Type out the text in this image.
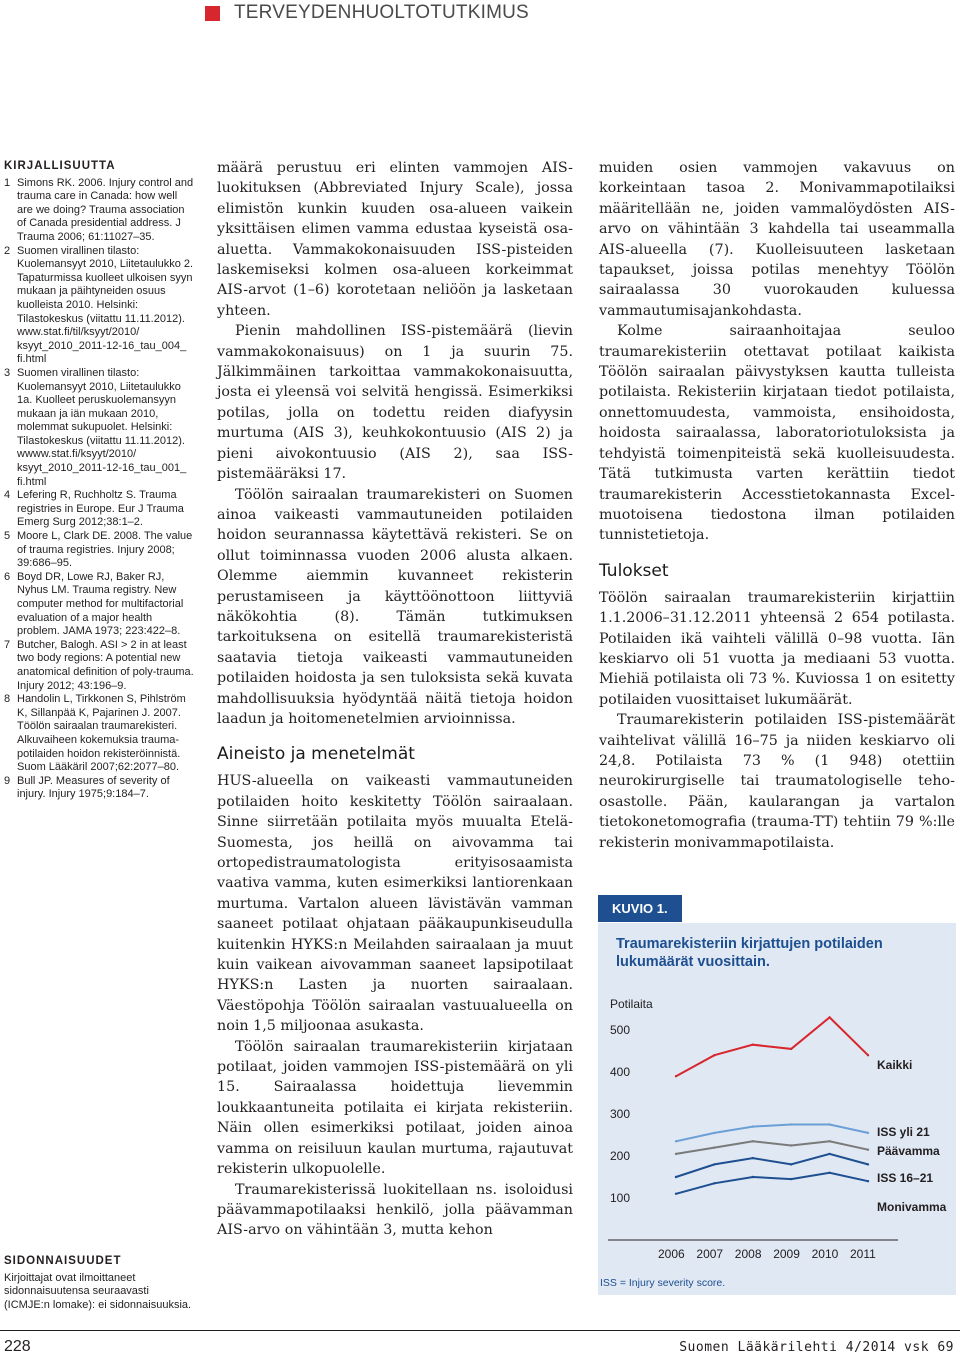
TERVEYDENHUOLTOTUTKIMUS
KIRJALLISUUTTA
1 Simons RK. 2006. Injury control and trauma care in Canada: how well are we doing? Trauma association of Canada presidential address. J Trauma 2006; 61:11027–35.
2 Suomen virallinen tilasto: Kuolemansyyt 2010, Liitetaulukko 2. Tapaturmissa kuolleet ulkoisen syyn mukaan ja päihtyneiden osuus kuolleista 2010. Helsinki: Tilastokeskus (viitattu 11.11.2012). www.stat.fi/til/ksyyt/2010/ ksyyt_2010_2011-12-16_tau_004_ fi.html
3 Suomen virallinen tilasto: Kuolemansyyt 2010, Liitetaulukko 1a. Kuolleet peruskuolemansyyn mukaan ja iän mukaan 2010, molemmat sukupuolet. Helsinki: Tilastokeskus (viitattu 11.11.2012). wwww.stat.fi/ksyyt/2010/ ksyyt_2010_2011-12-16_tau_001_ fi.html
4 Lefering R, Ruchholtz S. Trauma registries in Europe. Eur J Trauma Emerg Surg 2012;38:1–2.
5 Moore L, Clark DE. 2008. The value of trauma registries. Injury 2008; 39:686–95.
6 Boyd DR, Lowe RJ, Baker RJ, Nyhus LM. Trauma registry. New computer method for multifactorial evaluation of a major health problem. JAMA 1973; 223:422–8.
7 Butcher, Balogh. ASI > 2 in at least two body regions: A potential new anatomical definition of poly-trauma. Injury 2012; 43:196–9.
8 Handolin L, Tirkkonen S, Pihlström K, Sillanpää K, Pajarinen J. 2007. Töölön sairaalan traumarekisteri. Alkuvaiheen kokemuksia trauma-potilaiden hoidon rekisteröinnistä. Suom Lääkäril 2007;62:2077–80.
9 Bull JP. Measures of severity of injury. Injury 1975;9:184–7.
SIDONNAISUUDET
Kirjoittajat ovat ilmoittaneet sidonnaisuutensa seuraavasti (ICMJE:n lomake): ei sidonnaisuuksia.

määrä perustuu eri elinten vammojen AIS-luokituksen (Abbreviated Injury Scale), jossa elimistön kunkin kuuden osa-alueen vaikein yksittäisen elimen vamma edustaa kyseistä osa-aluetta. Vammakokonaisuuden ISS-pisteiden laskemiseksi kolmen osa-alueen korkeimmat AIS-arvot (1–6) korotetaan neliöön ja lasketaan yhteen.

Pienin mahdollinen ISS-pistemäärä (lievin vammakokonaisuus) on 1 ja suurin 75. Jälkimmäinen tarkoittaa vammakokonaisuutta, josta ei yleensä voi selvitä hengissä. Esimerkiksi potilas, jolla on todettu reiden diafyysin murtuma (AIS 3), keuhkokontuusio (AIS 2) ja pieni aivokontuusio (AIS 2), saa ISS-pistemääräksi 17.

Töölön sairaalan traumarekisteri on Suomen ainoa vaikeasti vammautuneiden potilaiden hoidon seurannassa käytettävä rekisteri. Se on ollut toiminnassa vuoden 2006 alusta alkaen. Olemme aiemmin kuvanneet rekisterin perustamiseen ja käyttöönottoon liittyviä näkökohtia (8). Tämän tutkimuksen tarkoituksena on esitellä traumarekisteristä saatavia tietoja vaikeasti vammautuneiden potilaiden hoidosta ja sen tuloksista sekä kuvata mahdollisuuksia hyödyntää näitä tietoja hoidon laadun ja hoitomenetelmien arvioinnissa.

Aineisto ja menetelmät

HUS-alueella on vaikeasti vammautuneiden potilaiden hoito keskitetty Töölön sairaalaan. Sinne siirretään potilaita myös muualta Etelä-Suomesta, jos heillä on aivovamma tai ortopedistraumatologista erityisosaamista vaativa vamma, kuten esimerkiksi lantiorenkaan murtuma. Vartalon alueen lävistävän vamman saaneet potilaat ohjataan pääkaupunkiseudulla kuitenkin HYKS:n Meilahden sairaalaan ja muut kuin vaikean aivovamman saaneet lapsipotilaat HYKS:n Lasten ja nuorten sairaalaan. Väestöpohja Töölön sairaalan vastuualueella on noin 1,5 miljoonaa asukasta.

Töölön sairaalan traumarekisteriin kirjataan potilaat, joiden vammojen ISS-pistemäärä on yli 15. Sairaalassa hoidettuja lievemmin loukkaantuneita potilaita ei kirjata rekisteriin. Näin ollen esimerkiksi potilaat, joiden ainoa vamma on reisiluun kaulan murtuma, rajautuvat rekisterin ulkopuolelle.

Traumarekisterissä luokitellaan ns. isoloidusi päävammapotilaaksi henkilö, jolla päävamman AIS-arvo on vähintään 3, mutta kehon

muiden osien vammojen vakavuus on korkeintaan tasoa 2. Monivammapotilaiksi määritellään ne, joiden vammalöydösten AIS-arvo on vähintään 3 kahdella tai useammalla AIS-alueella (7). Kuolleisuuteen lasketaan tapaukset, joissa potilas menehtyy Töölön sairaalassa 30 vuorokauden kuluessa vammautumisajankohdasta.

Kolme sairaanhoitajaa seuloo traumarekisteriin otettavat potilaat kaikista Töölön sairaalan päivystyksen kautta tulleista potilaista. Rekisteriin kirjataan tiedot potilaista, onnettomuudesta, vammoista, ensihoidosta, hoidosta sairaalassa, laboratoriotuloksista ja tehdyistä toimenpiteistä sekä kuolleisuudesta. Tätä tutkimusta varten kerättiin tiedot traumarekisterin Accesstietokannasta Excel-muotoisena tiedostona ilman potilaiden tunnistetietoja.

Tulokset

Töölön sairaalan traumarekisteriin kirjattiin 1.1.2006–31.12.2011 yhteensä 2 654 potilasta. Potilaiden ikä vaihteli välillä 0–98 vuotta. Iän keskiarvo oli 51 vuotta ja mediaani 53 vuotta. Miehiä potilaista oli 73 %. Kuviossa 1 on esitetty potilaiden vuosittaiset lukumäärät.

Traumarekisterin potilaiden ISS-pistemäärät vaihtelivat välillä 16–75 ja niiden keskiarvo oli 24,8. Potilaista 73 % (1 948) otettiin neurokirurgiselle tai traumatologiselle teho-osastolle. Pään, kaularangan ja vartalon tietokonetomografia (trauma-TT) tehtiin 79 %:lle rekisterin monivammapotilaista.

KUVIO 1.
Traumarekisteriin kirjattujen potilaiden lukumäärät vuosittain.
Potilaita
100
200
300
400
500
2006 2007 2008 2009 2010 2011
Kaikki
ISS yli 21
Päävamma
ISS 16–21
Monivamma
ISS = Injury severity score.
228	Suomen Lääkärilehti 4/2014 vsk 69
